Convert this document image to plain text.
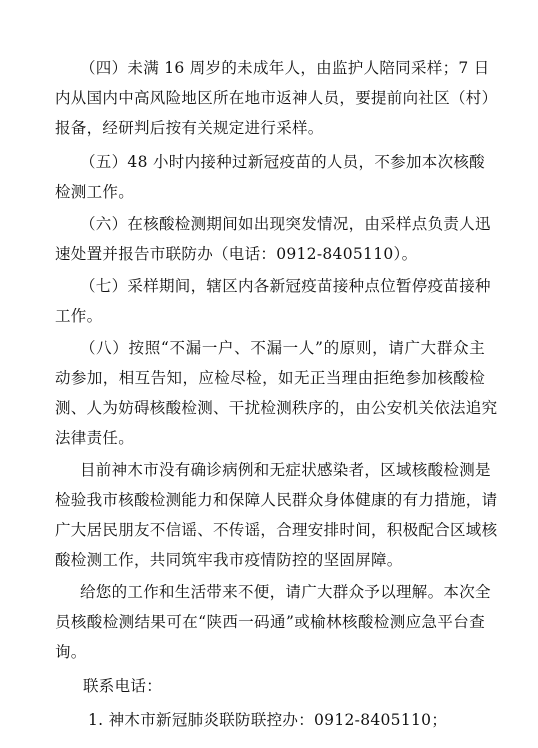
（四）未满 16 周岁的未成年人，由监护人陪同采样；7 日
内从国内中高风险地区所在地市返神人员，要提前向社区（村）
报备，经研判后按有关规定进行采样。
（五）48 小时内接种过新冠疫苗的人员，不参加本次核酸
检测工作。
（六）在核酸检测期间如出现突发情况，由采样点负责人迅
速处置并报告市联防办（电话：0912-8405110）。
（七）采样期间，辖区内各新冠疫苗接种点位暂停疫苗接种
工作。
（八）按照“不漏一户、不漏一人”的原则，请广大群众主
动参加，相互告知，应检尽检，如无正当理由拒绝参加核酸检
测、人为妨碍核酸检测、干扰检测秩序的，由公安机关依法追究
法律责任。
目前神木市没有确诊病例和无症状感染者，区域核酸检测是
检验我市核酸检测能力和保障人民群众身体健康的有力措施，请
广大居民朋友不信谣、不传谣，合理安排时间，积极配合区域核
酸检测工作，共同筑牢我市疫情防控的坚固屏障。
给您的工作和生活带来不便，请广大群众予以理解。本次全
员核酸检测结果可在“陕西一码通”或榆林核酸检测应急平台查
询。
联系电话：
1. 神木市新冠肺炎联防联控办：0912-8405110；
